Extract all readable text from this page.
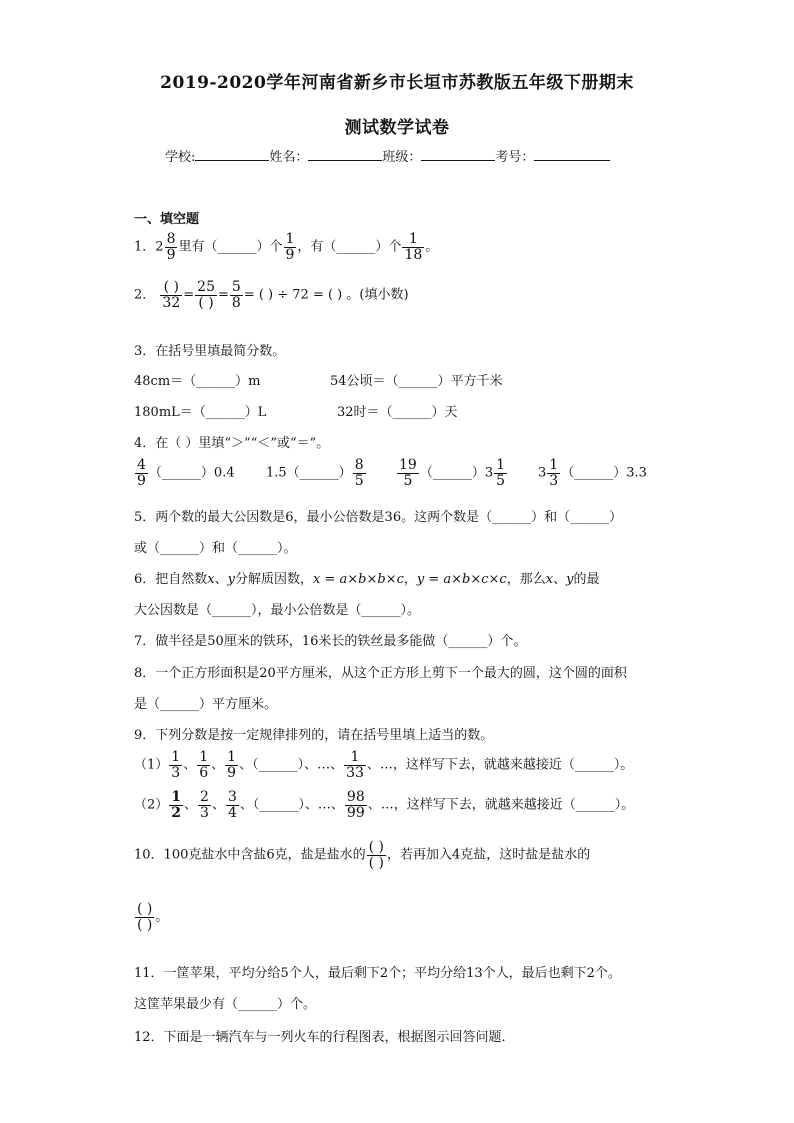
2019-2020学年河南省新乡市长垣市苏教版五年级下册期末
测试数学试卷
学校:	姓名：	班级：	考号：
一、填空题
1．$2 \frac{8}{9}$ 里有（______）个 $\frac{1}{9}$ ，有（______）个 $\frac{1}{18}$ 。
2． $\frac{( )}{32} = \frac{25}{( )} = \frac{5}{8}$ = ( ) ÷ 72 = ( ) 。(填小数)
3．在括号里填最简分数。
48cm＝（______）m	54公顷＝（______）平方千米
180mL＝（______）L	32时＝（______）天
4．在（ ）里填“＞”“＜”或“＝”。
$\frac{4}{9}$ （______）0.4 1.5（______） $\frac{8}{5} \frac{19}{5}$ （______）3 $\frac{1}{5} 3 \frac{1}{3}$ （______）3.3
5．两个数的最大公因数是6，最小公倍数是36。这两个数是（______）和（______）
或（______）和（______）。
6．把自然数x、y分解质因数，x = a×b×b×c，y = a×b×c×c，那么x、y的最
大公因数是（______），最小公倍数是（______）。
7．做半径是50厘米的铁环，16米长的铁丝最多能做（______）个。
8．一个正方形面积是20平方厘米，从这个正方形上剪下一个最大的圆，这个圆的面积
是（______）平方厘米。
9．下列分数是按一定规律排列的，请在括号里填上适当的数。
$(1) \frac{1}{3}$ 、 $\frac{1}{6}$ 、 $\frac{1}{9}$ 、（______）、…、 $\frac{1}{33}$ 、…，这样写下去，就越来越接近（______）。
$(2) \frac{1}{2}$ 、 $\frac{2}{3}$ 、 $\frac{3}{4}$ 、（______）、…、 $\frac{98}{99}$ 、…，这样写下去，就越来越接近（______）。
10．100克盐水中含盐6克，盐是盐水的 $\frac{( )}{( )}$ ，若再加入4克盐，这时盐是盐水的
$\frac{( )}{( )}$ 。
11．一筐苹果，平均分给5个人，最后剩下2个；平均分给13个人，最后也剩下2个。
这筐苹果最少有（______）个。
12．下面是一辆汽车与一列火车的行程图表，根据图示回答问题．
